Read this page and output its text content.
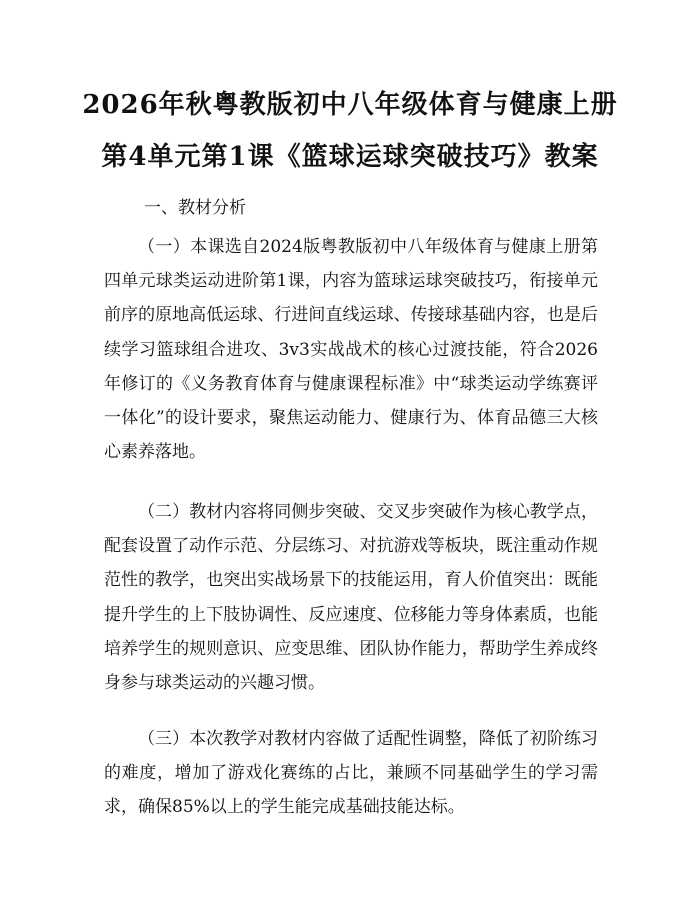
2026年秋粤教版初中八年级体育与健康上册
第4单元第1课《篮球运球突破技巧》教案
一、教材分析
（一）本课选自2024版粤教版初中八年级体育与健康上册第四单元球类运动进阶第1课，内容为篮球运球突破技巧，衔接单元前序的原地高低运球、行进间直线运球、传接球基础内容，也是后续学习篮球组合进攻、3v3实战战术的核心过渡技能，符合2026年修订的《义务教育体育与健康课程标准》中“球类运动学练赛评一体化”的设计要求，聚焦运动能力、健康行为、体育品德三大核心素养落地。
（二）教材内容将同侧步突破、交叉步突破作为核心教学点，配套设置了动作示范、分层练习、对抗游戏等板块，既注重动作规范性的教学，也突出实战场景下的技能运用，育人价值突出：既能提升学生的上下肢协调性、反应速度、位移能力等身体素质，也能培养学生的规则意识、应变思维、团队协作能力，帮助学生养成终身参与球类运动的兴趣习惯。
（三）本次教学对教材内容做了适配性调整，降低了初阶练习的难度，增加了游戏化赛练的占比，兼顾不同基础学生的学习需求，确保85%以上的学生能完成基础技能达标。
